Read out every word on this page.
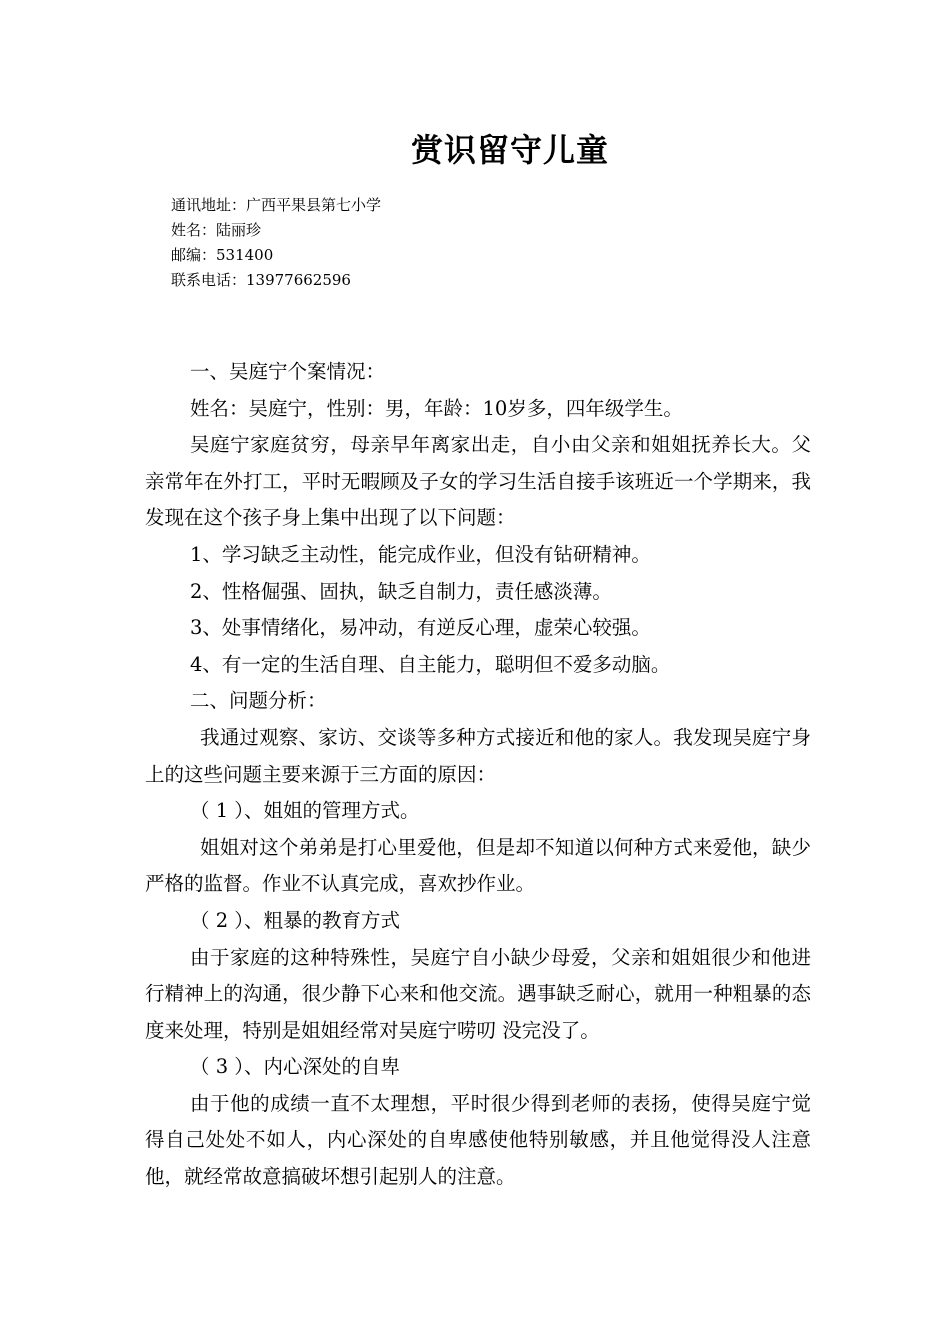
赏识留守儿童
通讯地址：广西平果县第七小学
姓名：陆丽珍
邮编：531400
联系电话：13977662596

一、吴庭宁个案情况：

姓名：吴庭宁，性别：男，年龄：10岁多，四年级学生。

吴庭宁家庭贫穷，母亲早年离家出走，自小由父亲和姐姐抚养长大。父亲常年在外打工，平时无暇顾及子女的学习生活自接手该班近一个学期来，我发现在这个孩子身上集中出现了以下问题：

1、学习缺乏主动性，能完成作业，但没有钻研精神。

2、性格倔强、固执，缺乏自制力，责任感淡薄。

3、处事情绪化，易冲动，有逆反心理，虚荣心较强。

4、有一定的生活自理、自主能力，聪明但不爱多动脑。

二、问题分析：

我通过观察、家访、交谈等多种方式接近和他的家人。我发现吴庭宁身上的这些问题主要来源于三方面的原因：

（ 1 ）、姐姐的管理方式。

姐姐对这个弟弟是打心里爱他，但是却不知道以何种方式来爱他，缺少严格的监督。作业不认真完成，喜欢抄作业。

（ 2 ）、粗暴的教育方式

由于家庭的这种特殊性，吴庭宁自小缺少母爱，父亲和姐姐很少和他进行精神上的沟通，很少静下心来和他交流。遇事缺乏耐心，就用一种粗暴的态度来处理，特别是姐姐经常对吴庭宁唠叨 没完没了。

（ 3 ）、内心深处的自卑

由于他的成绩一直不太理想，平时很少得到老师的表扬，使得吴庭宁觉得自己处处不如人，内心深处的自卑感使他特别敏感，并且他觉得没人注意他，就经常故意搞破坏想引起别人的注意。
